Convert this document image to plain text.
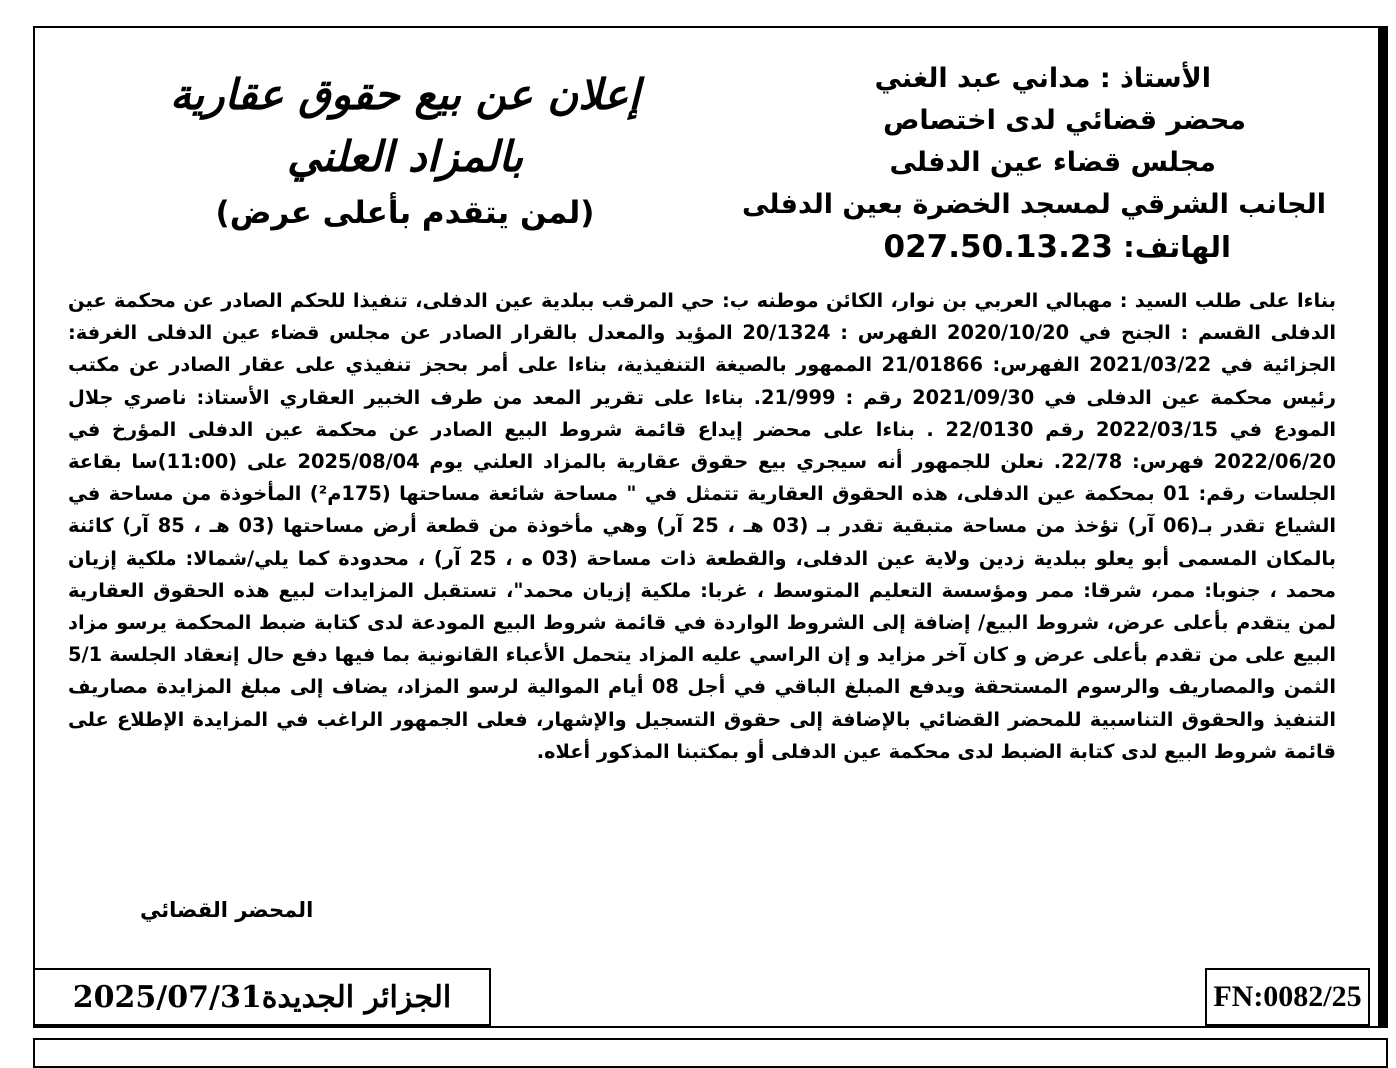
الأستاذ : مداني عبد الغني
محضر قضائي لدى اختصاص
مجلس قضاء عين الدفلى
الجانب الشرقي لمسجد الخضرة بعين الدفلى
الهاتف: 027.50.13.23
إعلان عن بيع حقوق عقارية
بالمزاد العلني
(لمن يتقدم بأعلى عرض)
بناءا على طلب السيد : مهبالي العربي بن نوار، الكائن موطنه ب: حي المرقب ببلدية عين الدفلى، تنفيذا للحكم الصادر عن محكمة عين الدفلى القسم : الجنح في 2020/10/20 الفهرس : 20/1324 المؤيد والمعدل بالقرار الصادر عن مجلس قضاء عين الدفلى الغرفة: الجزائية في 2021/03/22 الفهرس: 21/01866 الممهور بالصيغة التنفيذية، بناءا على أمر بحجز تنفيذي على عقار الصادر عن مكتب رئيس محكمة عين الدفلى في 2021/09/30 رقم : 21/999. بناءا على تقرير المعد من طرف الخبير العقاري الأستاذ: ناصري جلال المودع في 2022/03/15 رقم 22/0130 . بناءا على محضر إيداع قائمة شروط البيع الصادر عن محكمة عين الدفلى المؤرخ في 2022/06/20 فهرس: 22/78. نعلن للجمهور أنه سيجري بيع حقوق عقارية بالمزاد العلني يوم 2025/08/04 على (11:00)سا بقاعة الجلسات رقم: 01 بمحكمة عين الدفلى، هذه الحقوق العقارية تتمثل في " مساحة شائعة مساحتها (175م²) المأخوذة من مساحة في الشياع تقدر بـ(06 آر) تؤخذ من مساحة متبقية تقدر بـ (03 هـ ، 25 آر) وهي مأخوذة من قطعة أرض مساحتها (03 هـ ، 85 آر) كائنة بالمكان المسمى أبو يعلو ببلدية زدين ولاية عين الدفلى، والقطعة ذات مساحة (03 ه ، 25 آر) ، محدودة كما يلي/شمالا: ملكية إزيان محمد ، جنوبا: ممر، شرقا: ممر ومؤسسة التعليم المتوسط ، غربا: ملكية إزيان محمد"، تستقبل المزايدات لبيع هذه الحقوق العقارية لمن يتقدم بأعلى عرض، شروط البيع/ إضافة إلى الشروط الواردة في قائمة شروط البيع المودعة لدى كتابة ضبط المحكمة يرسو مزاد البيع على من تقدم بأعلى عرض و كان آخر مزايد و إن الراسي عليه المزاد يتحمل الأعباء القانونية بما فيها دفع حال إنعقاد الجلسة 5/1 الثمن والمصاريف والرسوم المستحقة ويدفع المبلغ الباقي في أجل 08 أيام الموالية لرسو المزاد، يضاف إلى مبلغ المزايدة مصاريف التنفيذ والحقوق التناسبية للمحضر القضائي بالإضافة إلى حقوق التسجيل والإشهار، فعلى الجمهور الراغب في المزايدة الإطلاع على قائمة شروط البيع لدى كتابة الضبط لدى محكمة عين الدفلى أو بمكتبنا المذكور أعلاه.
المحضر القضائي
2025/07/31 الجزائر الجديدة	FN:0082/25
